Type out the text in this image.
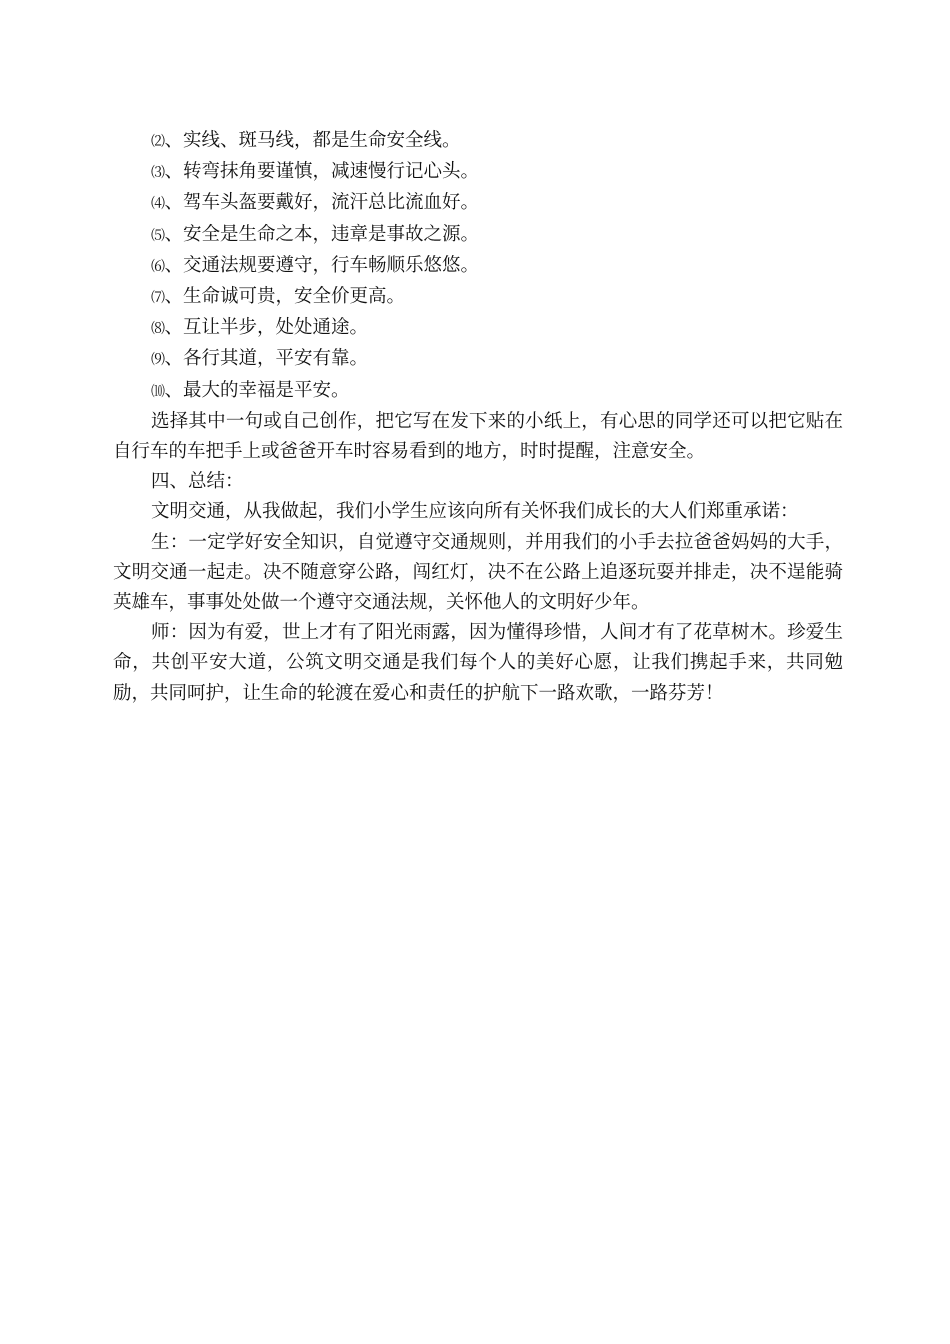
⑵、实线、斑马线，都是生命安全线。

⑶、转弯抹角要谨慎，减速慢行记心头。

⑷、驾车头盔要戴好，流汗总比流血好。

⑸、安全是生命之本，违章是事故之源。

⑹、交通法规要遵守，行车畅顺乐悠悠。

⑺、生命诚可贵，安全价更高。

⑻、互让半步，处处通途。

⑼、各行其道，平安有靠。

⑽、最大的幸福是平安。

选择其中一句或自己创作，把它写在发下来的小纸上，有心思的同学还可以把它贴在自行车的车把手上或爸爸开车时容易看到的地方，时时提醒，注意安全。

四、总结：

文明交通，从我做起，我们小学生应该向所有关怀我们成长的大人们郑重承诺：

生：一定学好安全知识，自觉遵守交通规则，并用我们的小手去拉爸爸妈妈的大手，文明交通一起走。决不随意穿公路，闯红灯，决不在公路上追逐玩耍并排走，决不逞能骑英雄车，事事处处做一个遵守交通法规，关怀他人的文明好少年。

师：因为有爱，世上才有了阳光雨露，因为懂得珍惜，人间才有了花草树木。珍爱生命，共创平安大道，公筑文明交通是我们每个人的美好心愿，让我们携起手来，共同勉励，共同呵护，让生命的轮渡在爱心和责任的护航下一路欢歌，一路芬芳！
